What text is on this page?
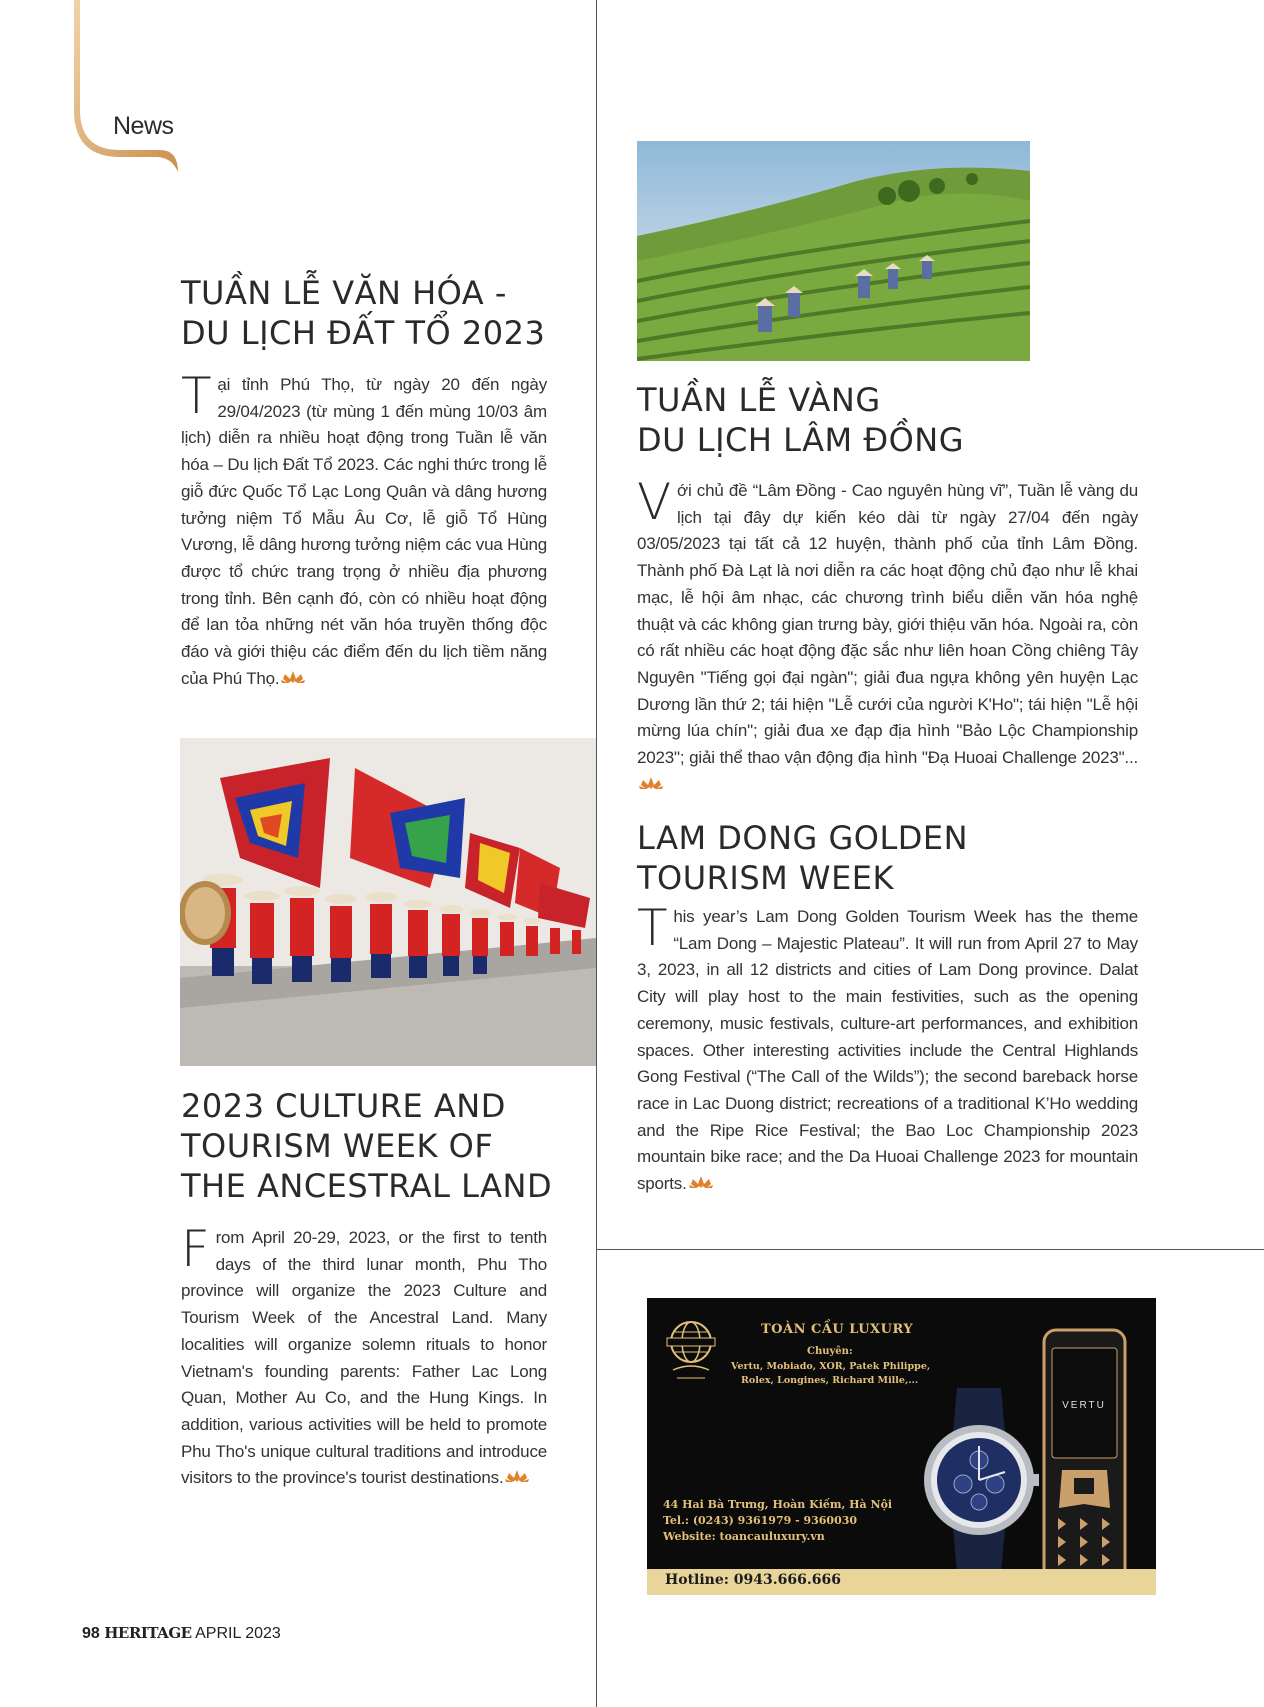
News
TUẦN LỄ VĂN HÓA -
DU LỊCH ĐẤT TỔ 2023
Tại tỉnh Phú Thọ, từ ngày 20 đến ngày 29/04/2023 (từ mùng 1 đến mùng 10/03 âm lịch) diễn ra nhiều hoạt động trong Tuần lễ văn hóa – Du lịch Đất Tổ 2023. Các nghi thức trong lễ giỗ đức Quốc Tổ Lạc Long Quân và dâng hương tưởng niệm Tổ Mẫu Âu Cơ, lễ giỗ Tổ Hùng Vương, lễ dâng hương tưởng niệm các vua Hùng được tổ chức trang trọng ở nhiều địa phương trong tỉnh. Bên cạnh đó, còn có nhiều hoạt động để lan tỏa những nét văn hóa truyền thống độc đáo và giới thiệu các điểm đến du lịch tiềm năng của Phú Thọ.
2023 CULTURE AND
TOURISM WEEK OF
THE ANCESTRAL LAND
From April 20-29, 2023, or the first to tenth days of the third lunar month, Phu Tho province will organize the 2023 Culture and Tourism Week of the Ancestral Land. Many localities will organize solemn rituals to honor Vietnam's founding parents: Father Lac Long Quan, Mother Au Co, and the Hung Kings. In addition, various activities will be held to promote Phu Tho's unique cultural traditions and introduce visitors to the province's tourist destinations.
TUẦN LỄ VÀNG
DU LỊCH LÂM ĐỒNG
Với chủ đề “Lâm Đồng - Cao nguyên hùng vĩ”, Tuần lễ vàng du lịch tại đây dự kiến kéo dài từ ngày 27/04 đến ngày 03/05/2023 tại tất cả 12 huyện, thành phố của tỉnh Lâm Đồng. Thành phố Đà Lạt là nơi diễn ra các hoạt động chủ đạo như lễ khai mạc, lễ hội âm nhạc, các chương trình biểu diễn văn hóa nghệ thuật và các không gian trưng bày, giới thiệu văn hóa. Ngoài ra, còn có rất nhiều các hoạt động đặc sắc như liên hoan Cồng chiêng Tây Nguyên "Tiếng gọi đại ngàn"; giải đua ngựa không yên huyện Lạc Dương lần thứ 2; tái hiện "Lễ cưới của người K'Ho"; tái hiện "Lễ hội mừng lúa chín"; giải đua xe đạp địa hình "Bảo Lộc Championship 2023"; giải thể thao vận động địa hình "Đạ Huoai Challenge 2023"...
LAM DONG GOLDEN
TOURISM WEEK
This year’s Lam Dong Golden Tourism Week has the theme “Lam Dong – Majestic Plateau”. It will run from April 27 to May 3, 2023, in all 12 districts and cities of Lam Dong province. Dalat City will play host to the main festivities, such as the opening ceremony, music festivals, culture-art performances, and exhibition spaces. Other interesting activities include the Central Highlands Gong Festival (“The Call of the Wilds”); the second bareback horse race in Lac Duong district; recreations of a traditional K’Ho wedding and the Ripe Rice Festival; the Bao Loc Championship 2023 mountain bike race; and the Da Huoai Challenge 2023 for mountain sports.
TOÀN CẦU LUXURY
Chuyên:
Vertu, Mobiado, XOR, Patek Philippe,
Rolex, Longines, Richard Mille,...
VERTU
44 Hai Bà Trưng, Hoàn Kiếm, Hà Nội
Tel.: (0243) 9361979 - 9360030
Website: toancauluxury.vn
Hotline: 0943.666.666
98 HERITAGE APRIL 2023
